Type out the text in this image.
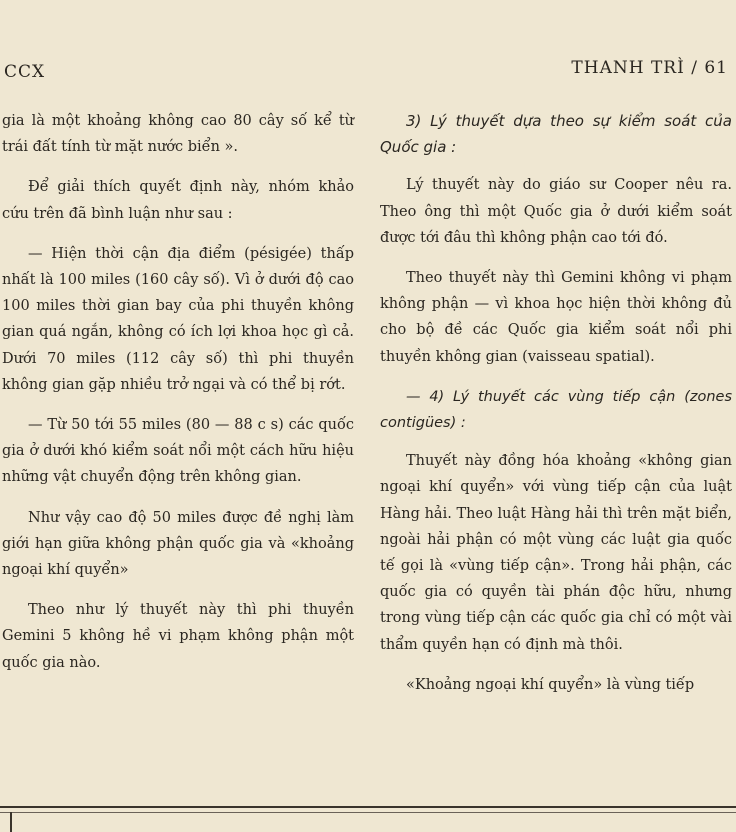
CCX	THANH TRÌ / 61

gia là một khoảng không cao 80 cây số kể từ trái đất tính từ mặt nước biển ».

Để giải thích quyết định này, nhóm khảo cứu trên đã bình luận như sau :

— Hiện thời cận địa điểm (pésigée) thấp nhất là 100 miles (160 cây số). Vì ở dưới độ cao 100 miles thời gian bay của phi thuyền không gian quá ngắn, không có ích lợi khoa học gì cả. Dưới 70 miles (112 cây số) thì phi thuyền không gian gặp nhiều trở ngại và có thể bị rớt.

— Từ 50 tới 55 miles (80 — 88 c s) các quốc gia ở dưới khó kiểm soát nổi một cách hữu hiệu những vật chuyển động trên không gian.

Như vậy cao độ 50 miles được đề nghị làm giới hạn giữa không phận quốc gia và «khoảng ngoại khí quyển»

Theo như lý thuyết này thì phi thuyền Gemini 5 không hề vi phạm không phận một quốc gia nào.

3) Lý thuyết dựa theo sự kiểm soát của Quốc gia :

Lý thuyết này do giáo sư Cooper nêu ra. Theo ông thì một Quốc gia ở dưới kiểm soát được tới đâu thì không phận cao tới đó.

Theo thuyết này thì Gemini không vi phạm không phận — vì khoa học hiện thời không đủ cho bộ đề các Quốc gia kiểm soát nổi phi thuyền không gian (vaisseau spatial).

— 4) Lý thuyết các vùng tiếp cận (zones contigües) :

Thuyết này đồng hóa khoảng «không gian ngoại khí quyển» với vùng tiếp cận của luật Hàng hải. Theo luật Hàng hải thì trên mặt biển, ngoài hải phận có một vùng các luật gia quốc tế gọi là «vùng tiếp cận». Trong hải phận, các quốc gia có quyền tài phán độc hữu, nhưng trong vùng tiếp cận các quốc gia chỉ có một vài thẩm quyền hạn có định mà thôi.

«Khoảng ngoại khí quyển» là vùng tiếp
